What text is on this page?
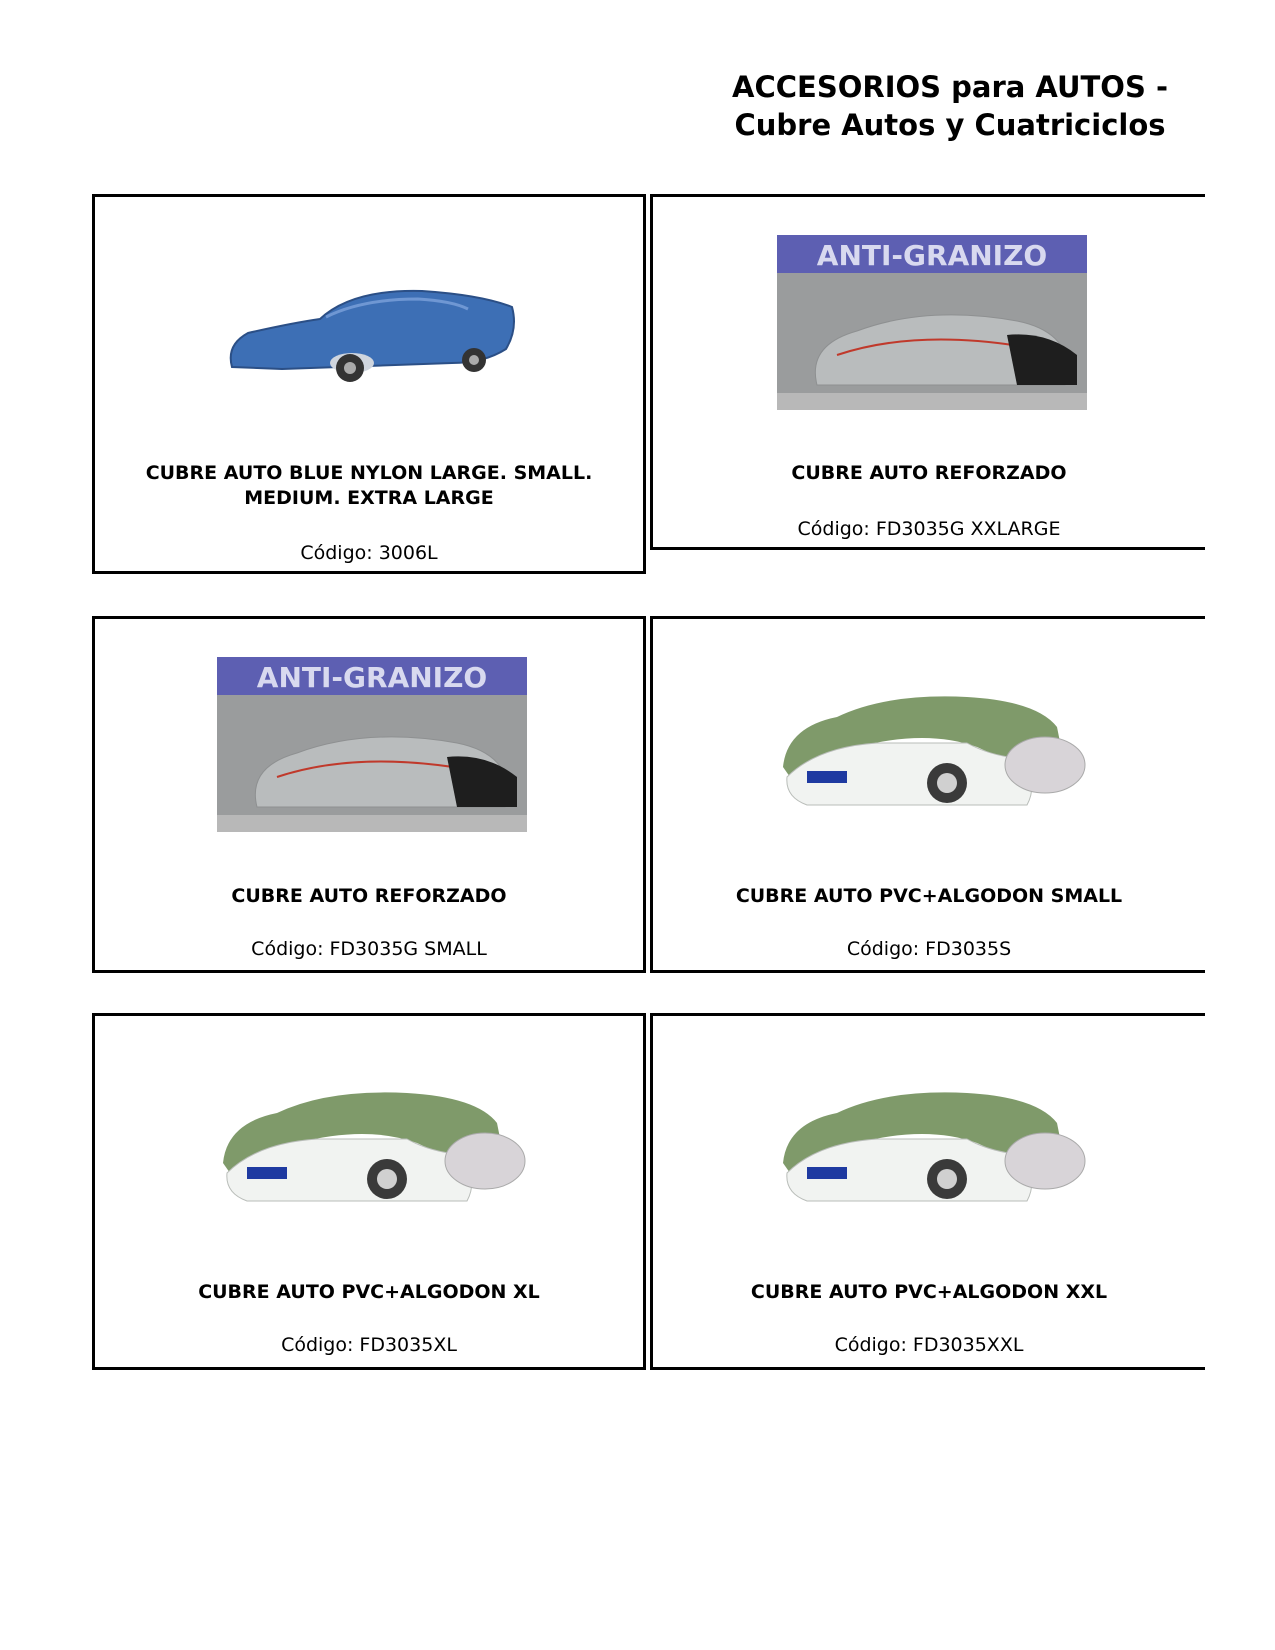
ACCESORIOS para AUTOS -
Cubre Autos y Cuatriciclos
CUBRE AUTO BLUE NYLON LARGE. SMALL. MEDIUM. EXTRA LARGE
Código: 3006L
ANTI-GRANIZO
CUBRE AUTO REFORZADO
Código: FD3035G XXLARGE
ANTI-GRANIZO
CUBRE AUTO REFORZADO
Código: FD3035G SMALL
CUBRE AUTO PVC+ALGODON SMALL
Código: FD3035S
CUBRE AUTO PVC+ALGODON XL
Código: FD3035XL
CUBRE AUTO PVC+ALGODON XXL
Código: FD3035XXL
